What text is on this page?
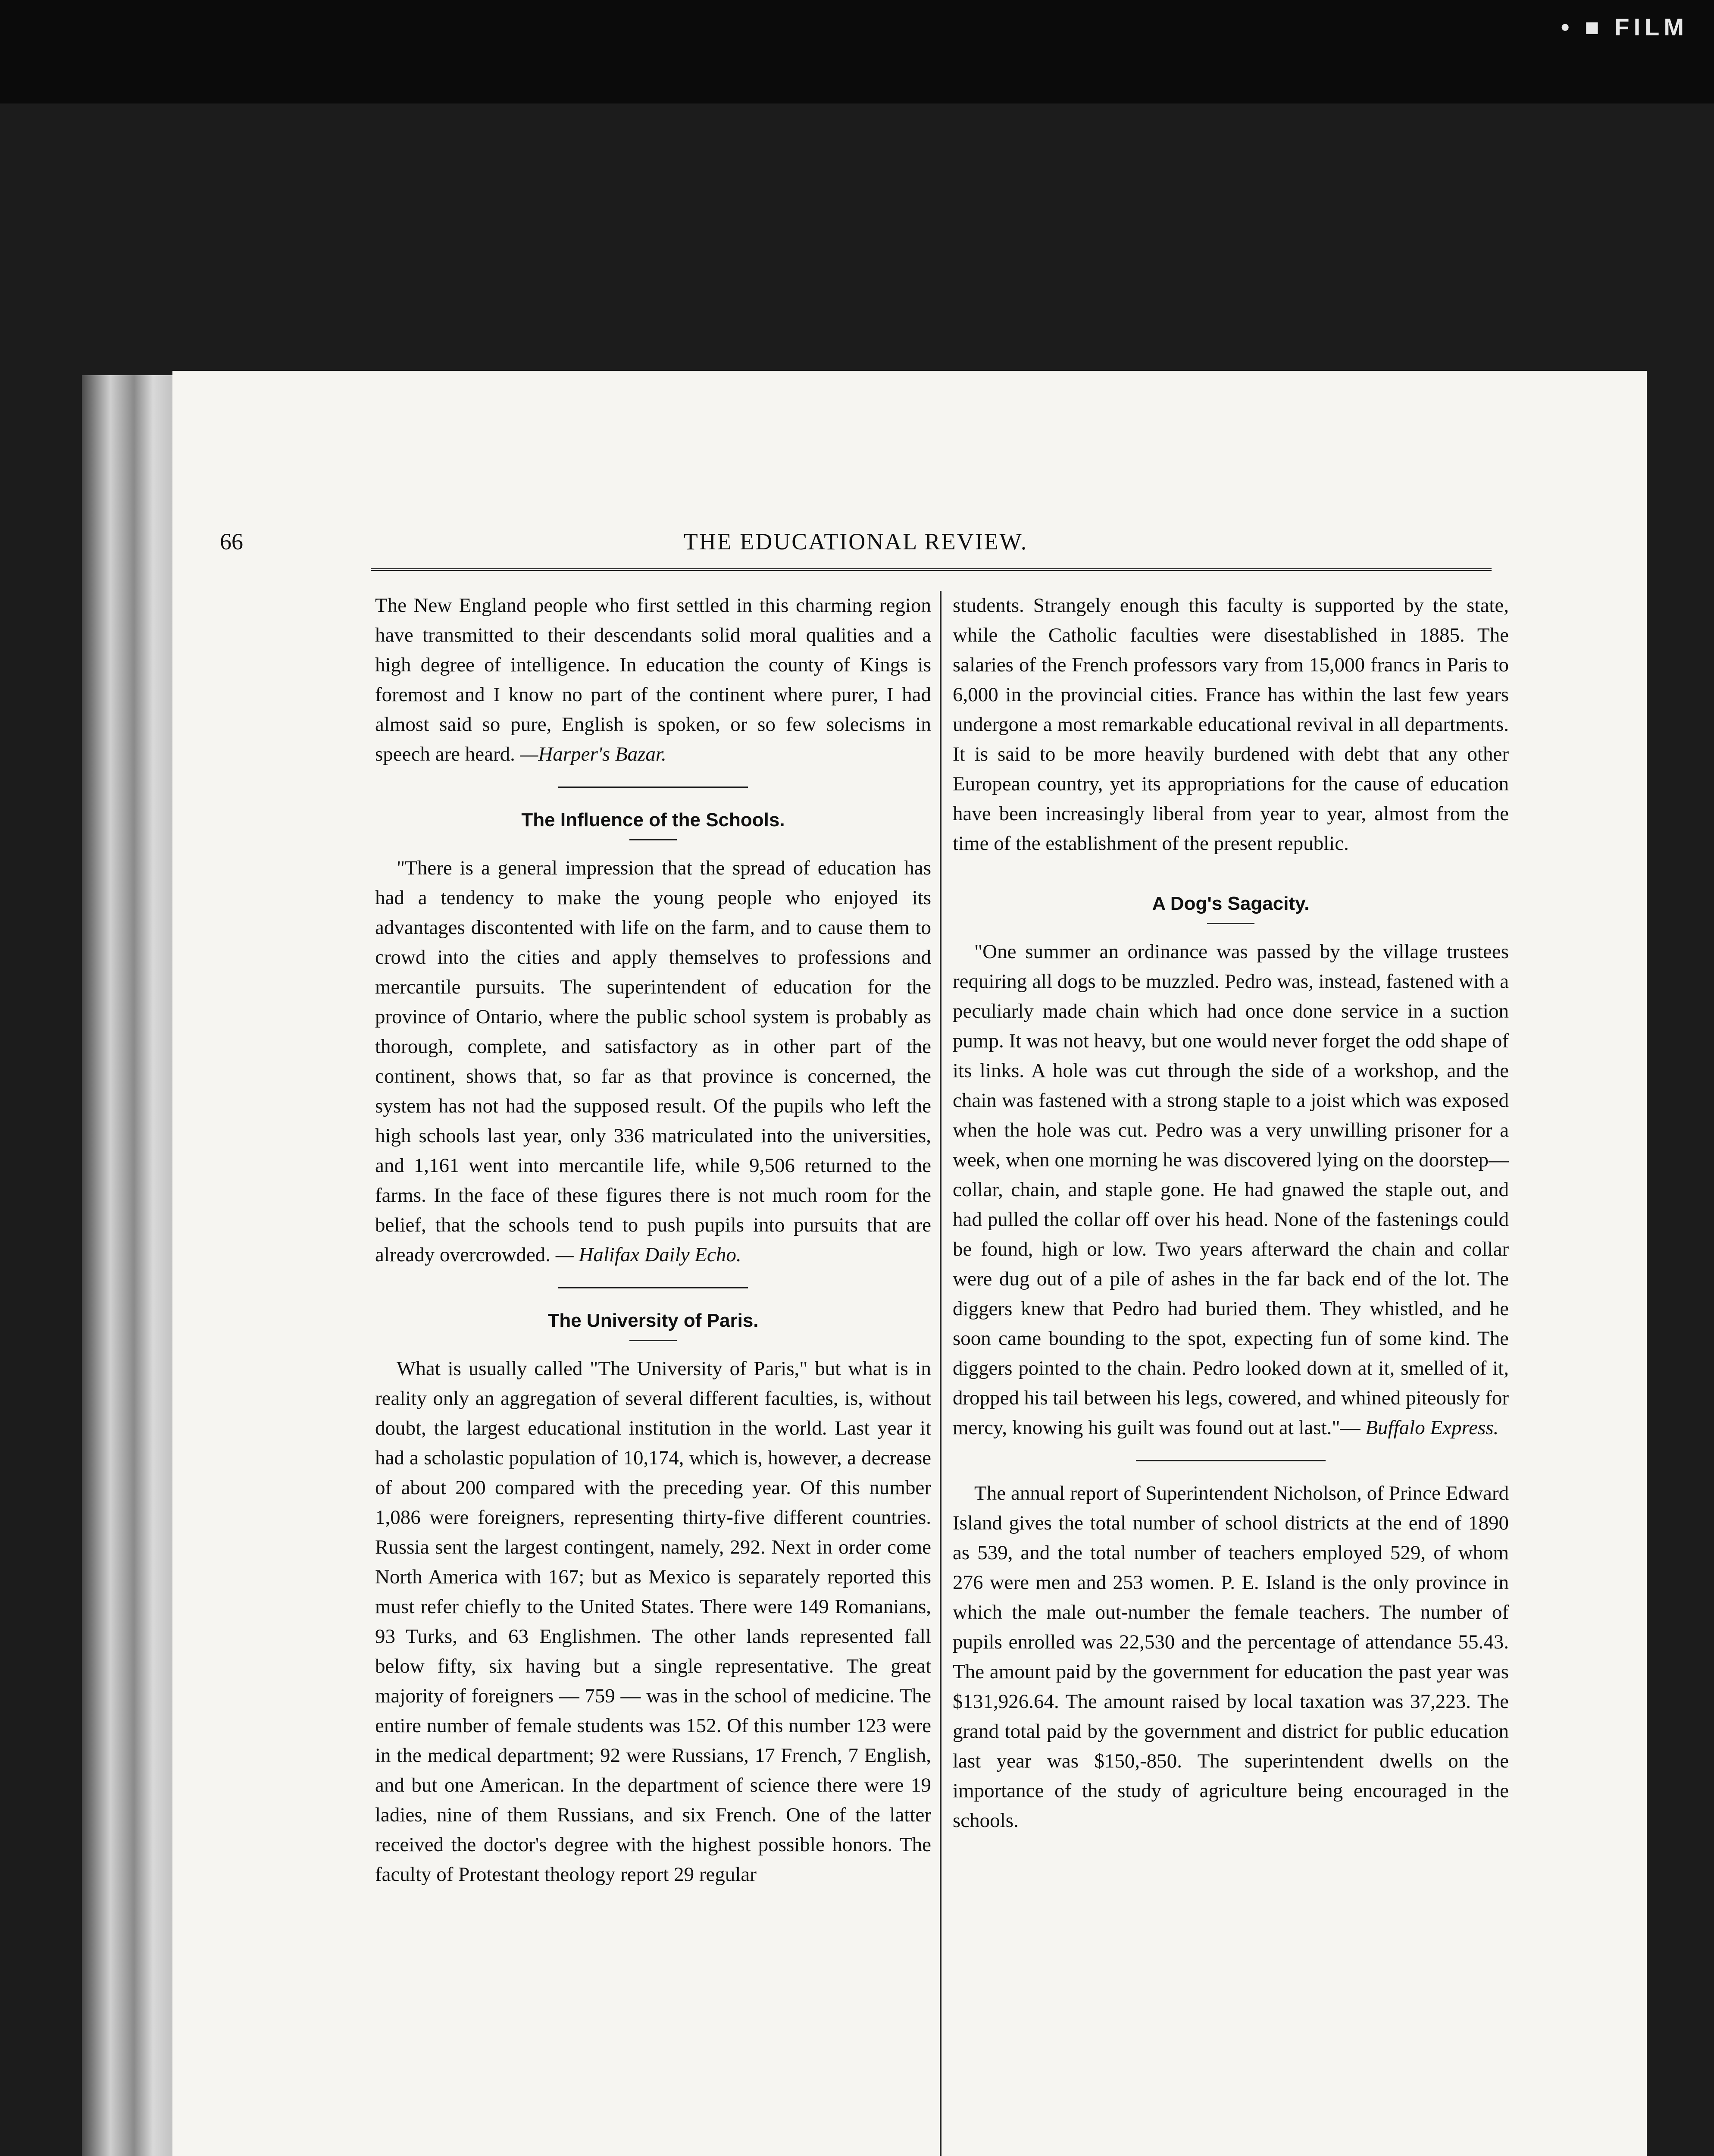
• ■ FILM
66	THE EDUCATIONAL REVIEW.

The New England people who first settled in this charming region have transmitted to their descendants solid moral qualities and a high degree of intelligence. In education the county of Kings is foremost and I know no part of the continent where purer, I had almost said so pure, English is spoken, or so few solecisms in speech are heard. —Harper's Bazar.

The Influence of the Schools.

"There is a general impression that the spread of education has had a tendency to make the young people who enjoyed its advantages discontented with life on the farm, and to cause them to crowd into the cities and apply themselves to professions and mercantile pursuits. The superintendent of education for the province of Ontario, where the public school system is probably as thorough, complete, and satisfactory as in other part of the continent, shows that, so far as that province is concerned, the system has not had the supposed result. Of the pupils who left the high schools last year, only 336 matriculated into the universities, and 1,161 went into mercantile life, while 9,506 returned to the farms. In the face of these figures there is not much room for the belief, that the schools tend to push pupils into pursuits that are already overcrowded. — Halifax Daily Echo.

The University of Paris.

What is usually called "The University of Paris," but what is in reality only an aggregation of several different faculties, is, without doubt, the largest educational institution in the world. Last year it had a scholastic population of 10,174, which is, however, a decrease of about 200 compared with the preceding year. Of this number 1,086 were foreigners, representing thirty-five different countries. Russia sent the largest contingent, namely, 292. Next in order come North America with 167; but as Mexico is separately reported this must refer chiefly to the United States. There were 149 Romanians, 93 Turks, and 63 Englishmen. The other lands represented fall below fifty, six having but a single representative. The great majority of foreigners — 759 — was in the school of medicine. The entire number of female students was 152. Of this number 123 were in the medical department; 92 were Russians, 17 French, 7 English, and but one American. In the department of science there were 19 ladies, nine of them Russians, and six French. One of the latter received the doctor's degree with the highest possible honors. The faculty of Protestant theology report 29 regular

students. Strangely enough this faculty is supported by the state, while the Catholic faculties were disestablished in 1885. The salaries of the French professors vary from 15,000 francs in Paris to 6,000 in the provincial cities. France has within the last few years undergone a most remarkable educational revival in all departments. It is said to be more heavily burdened with debt that any other European country, yet its appropriations for the cause of education have been increasingly liberal from year to year, almost from the time of the establishment of the present republic.

A Dog's Sagacity.

"One summer an ordinance was passed by the village trustees requiring all dogs to be muzzled. Pedro was, instead, fastened with a peculiarly made chain which had once done service in a suction pump. It was not heavy, but one would never forget the odd shape of its links. A hole was cut through the side of a workshop, and the chain was fastened with a strong staple to a joist which was exposed when the hole was cut. Pedro was a very unwilling prisoner for a week, when one morning he was discovered lying on the doorstep—collar, chain, and staple gone. He had gnawed the staple out, and had pulled the collar off over his head. None of the fastenings could be found, high or low. Two years afterward the chain and collar were dug out of a pile of ashes in the far back end of the lot. The diggers knew that Pedro had buried them. They whistled, and he soon came bounding to the spot, expecting fun of some kind. The diggers pointed to the chain. Pedro looked down at it, smelled of it, dropped his tail between his legs, cowered, and whined piteously for mercy, knowing his guilt was found out at last."— Buffalo Express.

The annual report of Superintendent Nicholson, of Prince Edward Island gives the total number of school districts at the end of 1890 as 539, and the total number of teachers employed 529, of whom 276 were men and 253 women. P. E. Island is the only province in which the male out-number the female teachers. The number of pupils enrolled was 22,530 and the percentage of attendance 55.43. The amount paid by the government for education the past year was $131,926.64. The amount raised by local taxation was 37,223. The grand total paid by the government and district for public education last year was $150,-850. The superintendent dwells on the importance of the study of agriculture being encouraged in the schools.
